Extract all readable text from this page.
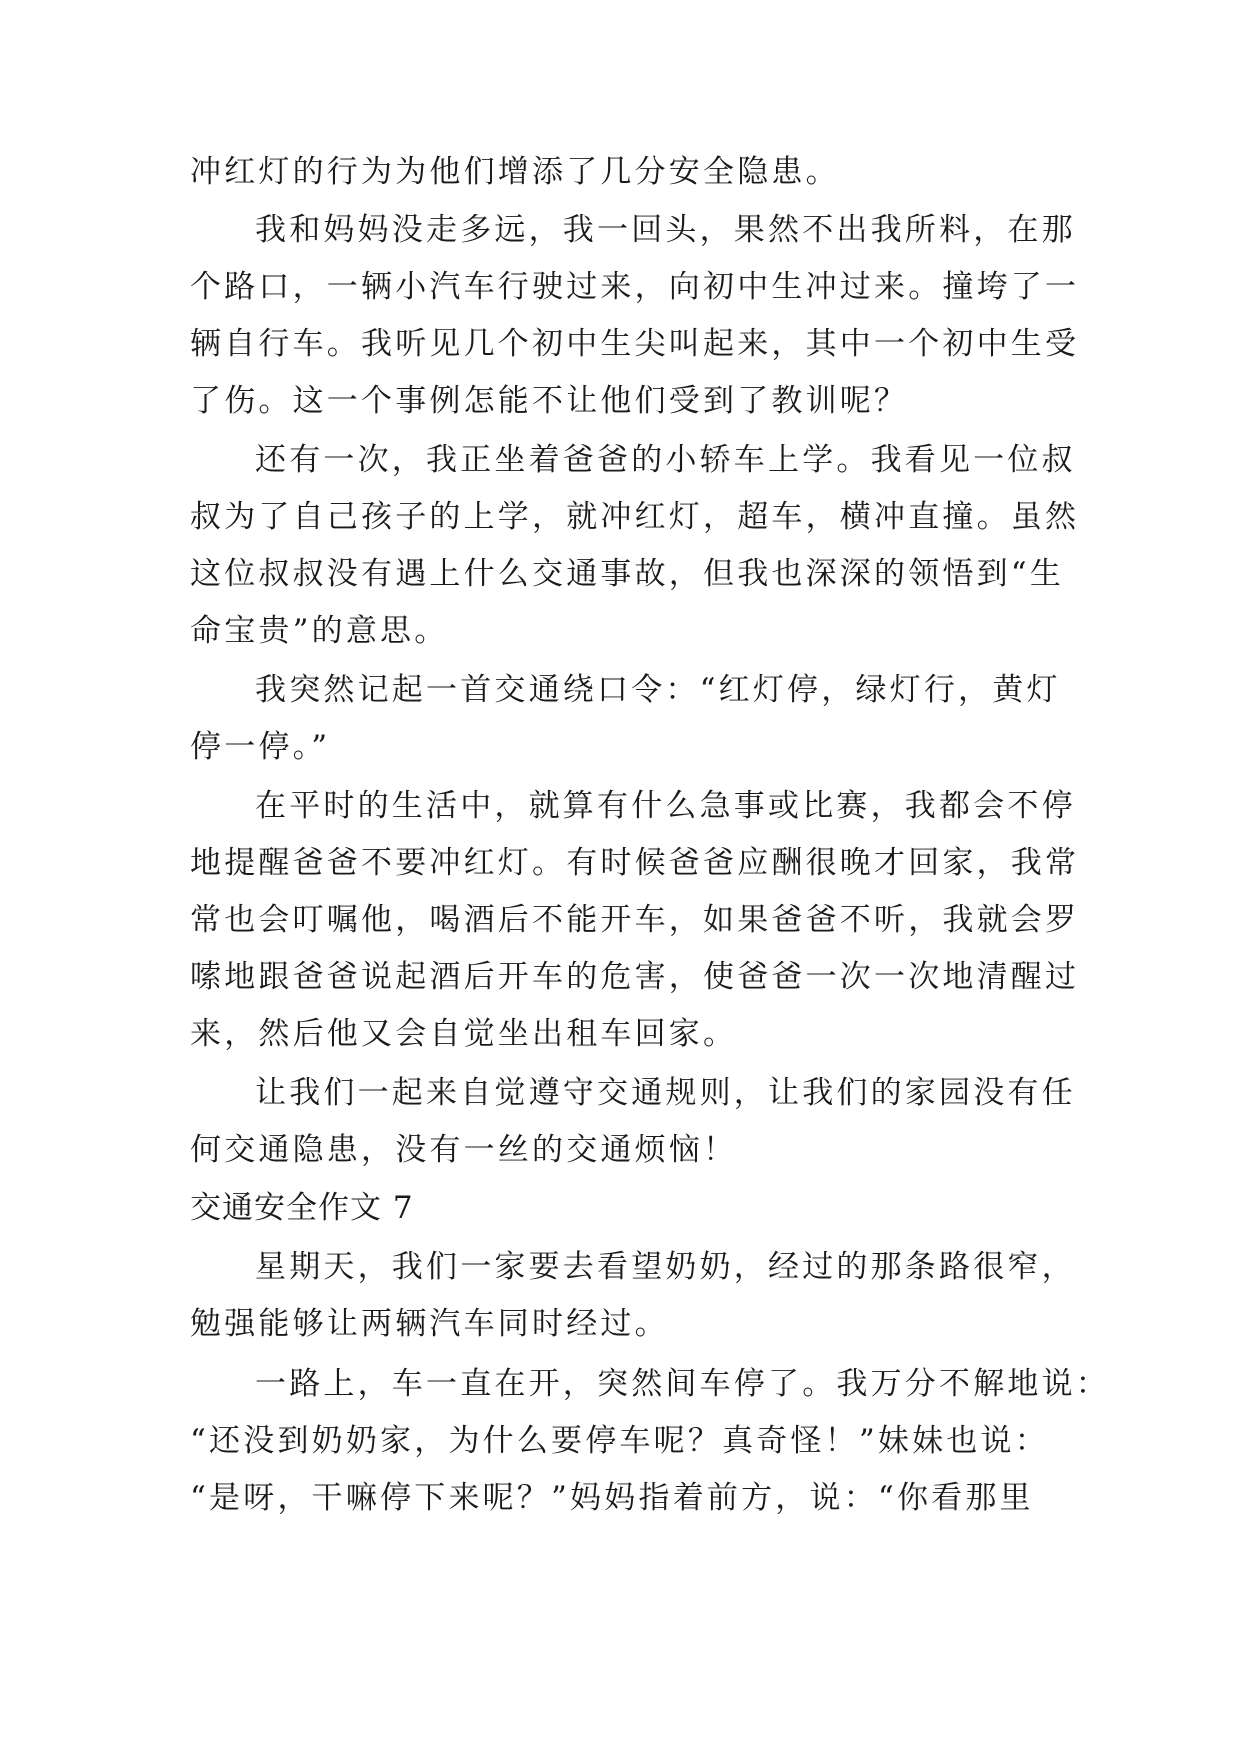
冲红灯的行为为他们增添了几分安全隐患。
我和妈妈没走多远，我一回头，果然不出我所料，在那
个路口，一辆小汽车行驶过来，向初中生冲过来。撞垮了一
辆自行车。我听见几个初中生尖叫起来，其中一个初中生受
了伤。这一个事例怎能不让他们受到了教训呢？
还有一次，我正坐着爸爸的小轿车上学。我看见一位叔
叔为了自己孩子的上学，就冲红灯，超车，横冲直撞。虽然
这位叔叔没有遇上什么交通事故，但我也深深的领悟到“生
命宝贵”的意思。
我突然记起一首交通绕口令：“红灯停，绿灯行，黄灯
停一停。”
在平时的生活中，就算有什么急事或比赛，我都会不停
地提醒爸爸不要冲红灯。有时候爸爸应酬很晚才回家，我常
常也会叮嘱他，喝酒后不能开车，如果爸爸不听，我就会罗
嗦地跟爸爸说起酒后开车的危害，使爸爸一次一次地清醒过
来，然后他又会自觉坐出租车回家。
让我们一起来自觉遵守交通规则，让我们的家园没有任
何交通隐患，没有一丝的交通烦恼！
交通安全作文 7
星期天，我们一家要去看望奶奶，经过的那条路很窄，
勉强能够让两辆汽车同时经过。
一路上，车一直在开，突然间车停了。我万分不解地说：
“还没到奶奶家，为什么要停车呢？真奇怪！”妹妹也说：
“是呀，干嘛停下来呢？”妈妈指着前方，说：“你看那里
